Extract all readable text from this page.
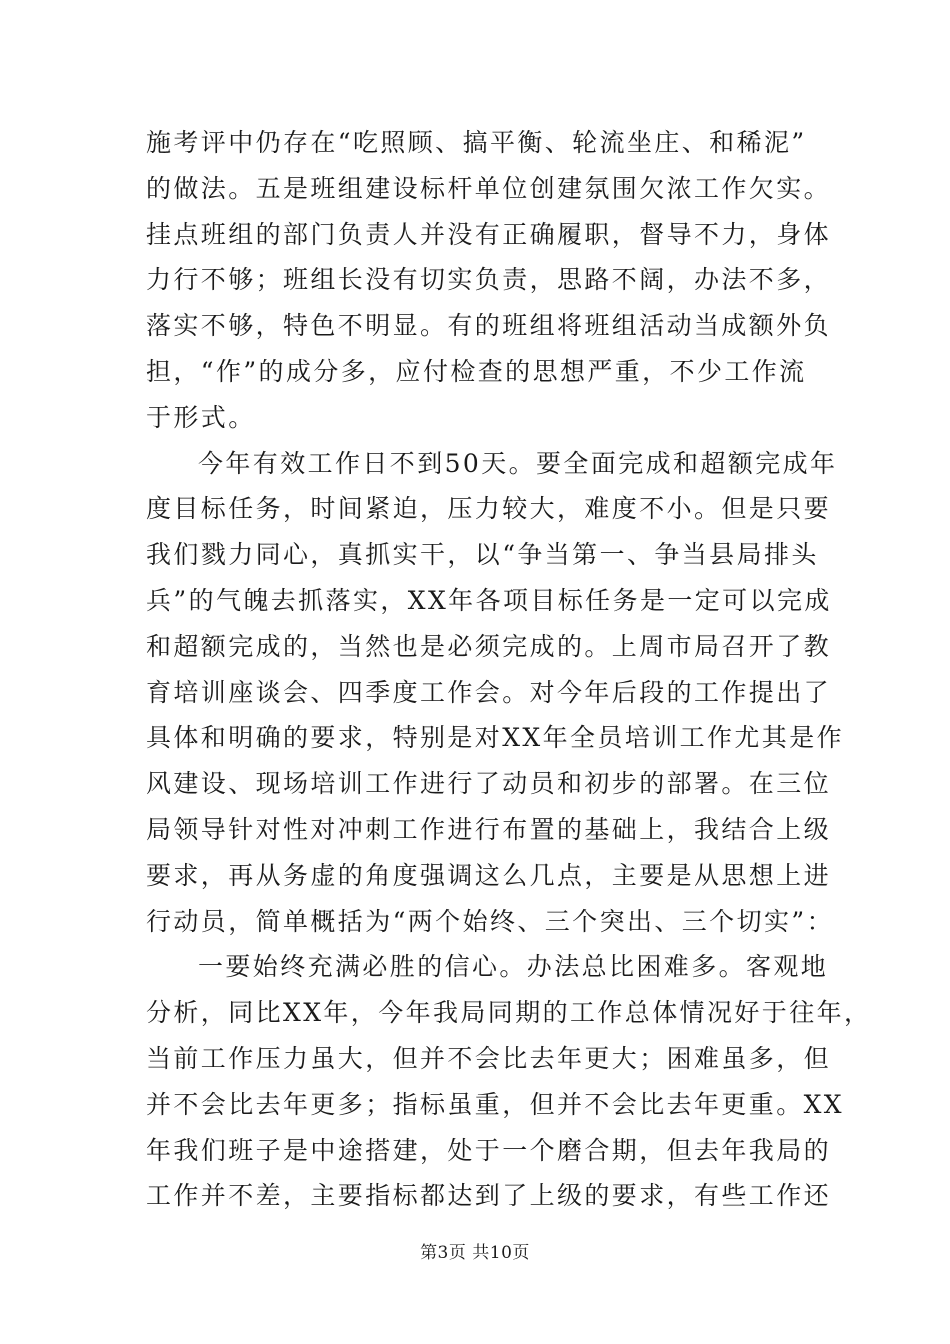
施考评中仍存在“吃照顾、搞平衡、轮流坐庄、和稀泥”
的做法。五是班组建设标杆单位创建氛围欠浓工作欠实。
挂点班组的部门负责人并没有正确履职，督导不力，身体
力行不够；班组长没有切实负责，思路不阔，办法不多，
落实不够，特色不明显。有的班组将班组活动当成额外负
担，“作”的成分多，应付检查的思想严重，不少工作流
于形式。
今年有效工作日不到50天。要全面完成和超额完成年
度目标任务，时间紧迫，压力较大，难度不小。但是只要
我们戮力同心，真抓实干，以“争当第一、争当县局排头
兵”的气魄去抓落实，XX年各项目标任务是一定可以完成
和超额完成的，当然也是必须完成的。上周市局召开了教
育培训座谈会、四季度工作会。对今年后段的工作提出了
具体和明确的要求，特别是对XX年全员培训工作尤其是作
风建设、现场培训工作进行了动员和初步的部署。在三位
局领导针对性对冲刺工作进行布置的基础上，我结合上级
要求，再从务虚的角度强调这么几点，主要是从思想上进
行动员，简单概括为“两个始终、三个突出、三个切实”：
一要始终充满必胜的信心。办法总比困难多。客观地
分析，同比XX年，今年我局同期的工作总体情况好于往年，
当前工作压力虽大，但并不会比去年更大；困难虽多，但
并不会比去年更多；指标虽重，但并不会比去年更重。XX
年我们班子是中途搭建，处于一个磨合期，但去年我局的
工作并不差，主要指标都达到了上级的要求，有些工作还
第3页 共10页
